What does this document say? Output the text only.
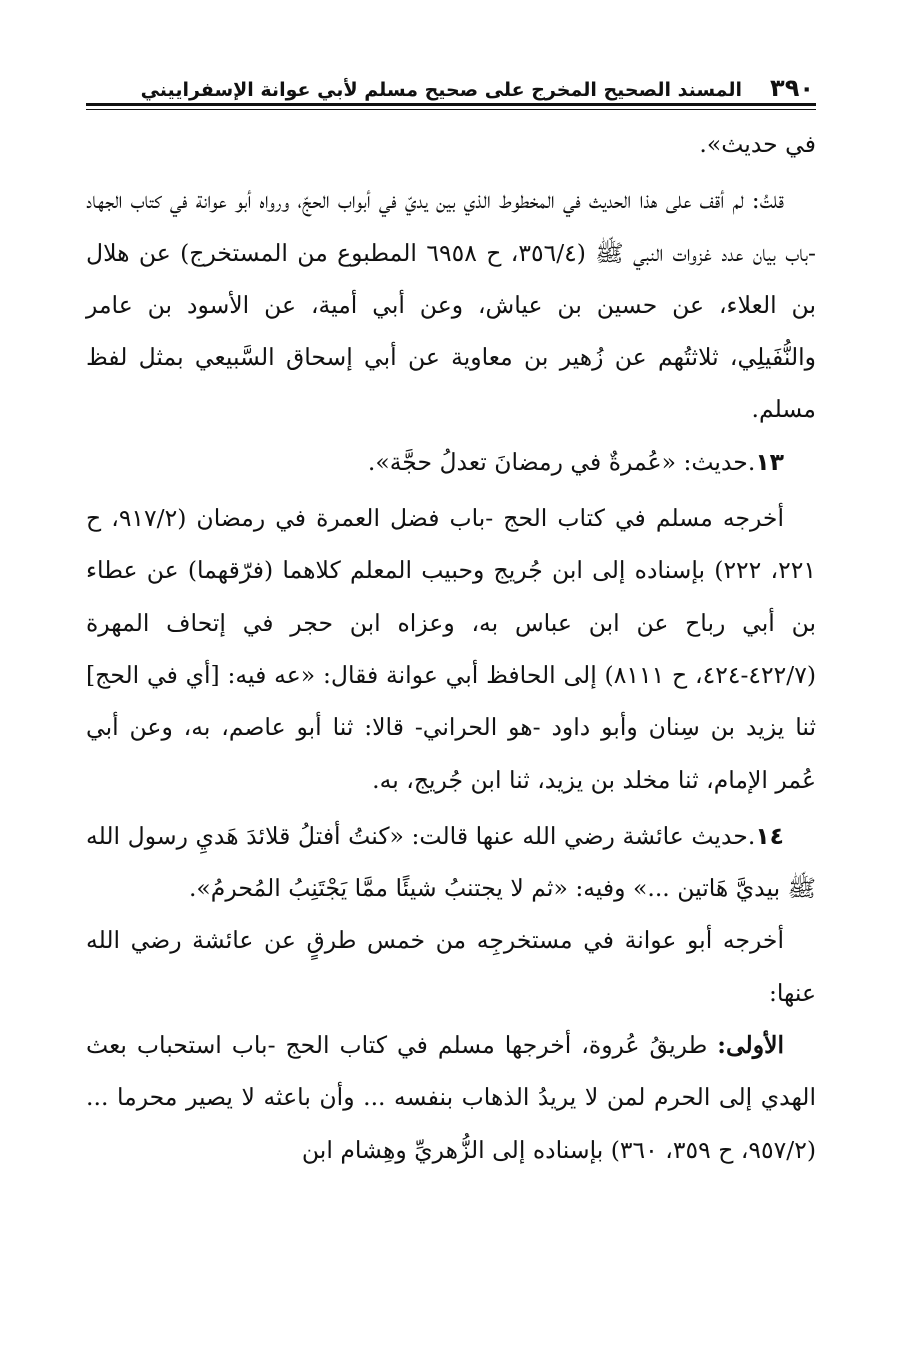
٣٩٠
المسند الصحيح المخرج على صحيح مسلم لأبي عوانة الإسفراييني

في حديث».

قلتُ: لم أقف على هذا الحديث في المخطوط الذي بين يديّ في أبواب الحجّ، ورواه أبو عوانة في كتاب الجهاد -باب بيان عدد غزوات النبي ﷺ (٣٥٦/٤، ح ٦٩٥٨ المطبوع من المستخرج) عن هلال بن العلاء، عن حسين بن عياش، وعن أبي أمية، عن الأسود بن عامر والنُّفَيلِي، ثلاثتُهم عن زُهير بن معاوية عن أبي إسحاق السَّبيعي بمثل لفظ مسلم.

١٣.حديث: «عُمرةٌ في رمضانَ تعدلُ حجَّة».

أخرجه مسلم في كتاب الحج -باب فضل العمرة في رمضان (٩١٧/٢، ح ٢٢١، ٢٢٢) بإسناده إلى ابن جُريج وحبيب المعلم كلاهما (فرّقهما) عن عطاء بن أبي رباح عن ابن عباس به، وعزاه ابن حجر في إتحاف المهرة (٤٢٢/٧-٤٢٤، ح ٨١١١) إلى الحافظ أبي عوانة فقال: «عه فيه: [أي في الحج] ثنا يزيد بن سِنان وأبو داود -هو الحراني- قالا: ثنا أبو عاصم، به، وعن أبي عُمر الإمام، ثنا مخلد بن يزيد، ثنا ابن جُريج، به.

١٤.حديث عائشة رضي الله عنها قالت: «كنتُ أفتلُ قلائدَ هَديِ رسول الله ﷺ بيديَّ هَاتين ...» وفيه: «ثم لا يجتنبُ شيئًا ممَّا يَجْتَنِبُ المُحرمُ».

أخرجه أبو عوانة في مستخرجِه من خمس طرقٍ عن عائشة رضي الله عنها:

الأولى: طريقُ عُروة، أخرجها مسلم في كتاب الحج -باب استحباب بعث الهدي إلى الحرم لمن لا يريدُ الذهاب بنفسه ... وأن باعثه لا يصير محرما ... (٩٥٧/٢، ح ٣٥٩، ٣٦٠) بإسناده إلى الزُّهريِّ وهِشام ابن
